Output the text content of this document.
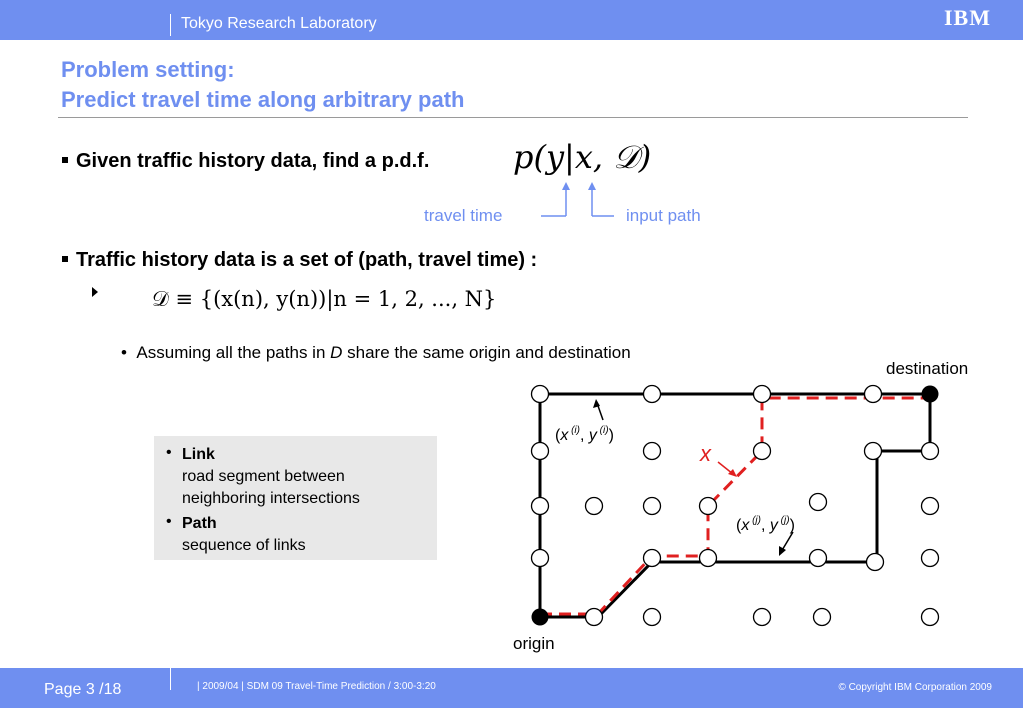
Tokyo Research Laboratory	IBM
Problem setting:
Predict travel time along arbitrary path
Given traffic history data, find a p.d.f.	p(y|x, 𝒟)
travel time	input path
Traffic history data is a set of (path, travel time) :
𝒟 ≡ {(x(n), y(n))|n = 1, 2, ..., N}
•  Assuming all the paths in D share the same origin and destination
• Link
road segment between neighboring intersections
• Path
sequence of links
destination
origin
x
(x $^{(i)}$, y $^{(i)}$)
(x $^{(j)}$, y $^{(j)}$)
Page 3 /18	| 2009/04 | SDM 09 Travel-Time Prediction / 3:00-3:20	© Copyright IBM Corporation 2009
